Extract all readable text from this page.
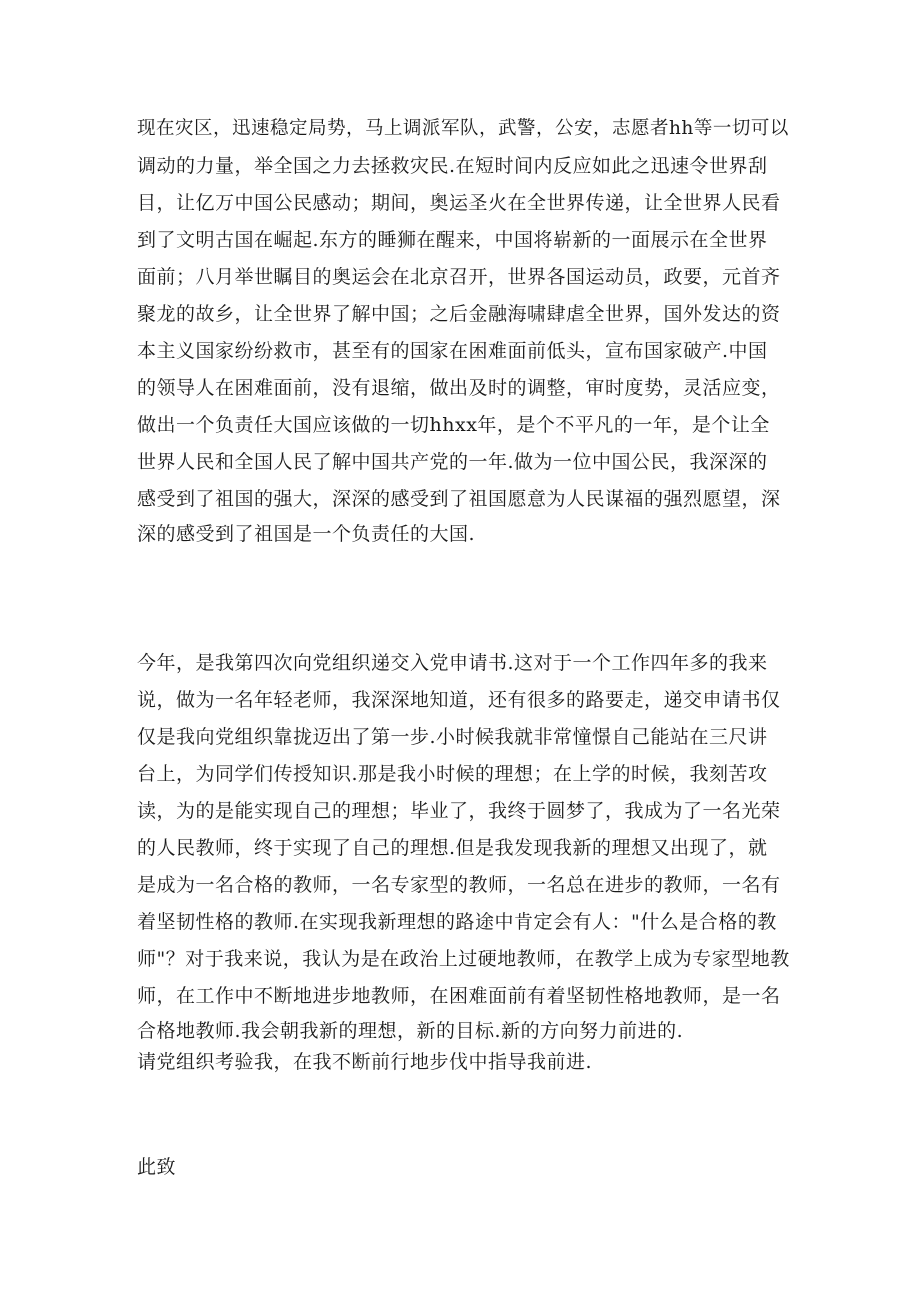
现在灾区，迅速稳定局势，马上调派军队，武警，公安，志愿者hh等一切可以
调动的力量，举全国之力去拯救灾民.在短时间内反应如此之迅速令世界刮
目，让亿万中国公民感动；期间，奥运圣火在全世界传递，让全世界人民看
到了文明古国在崛起.东方的睡狮在醒来，中国将崭新的一面展示在全世界
面前；八月举世瞩目的奥运会在北京召开，世界各国运动员，政要，元首齐
聚龙的故乡，让全世界了解中国；之后金融海啸肆虐全世界，国外发达的资
本主义国家纷纷救市，甚至有的国家在困难面前低头，宣布国家破产.中国
的领导人在困难面前，没有退缩，做出及时的调整，审时度势，灵活应变，
做出一个负责任大国应该做的一切hhxx年，是个不平凡的一年，是个让全
世界人民和全国人民了解中国共产党的一年.做为一位中国公民，我深深的
感受到了祖国的强大，深深的感受到了祖国愿意为人民谋福的强烈愿望，深
深的感受到了祖国是一个负责任的大国.
今年，是我第四次向党组织递交入党申请书.这对于一个工作四年多的我来
说，做为一名年轻老师，我深深地知道，还有很多的路要走，递交申请书仅
仅是我向党组织靠拢迈出了第一步.小时候我就非常憧憬自己能站在三尺讲
台上，为同学们传授知识.那是我小时候的理想；在上学的时候，我刻苦攻
读，为的是能实现自己的理想；毕业了，我终于圆梦了，我成为了一名光荣
的人民教师，终于实现了自己的理想.但是我发现我新的理想又出现了，就
是成为一名合格的教师，一名专家型的教师，一名总在进步的教师，一名有
着坚韧性格的教师.在实现我新理想的路途中肯定会有人："什么是合格的教
师"？对于我来说，我认为是在政治上过硬地教师，在教学上成为专家型地教
师，在工作中不断地进步地教师，在困难面前有着坚韧性格地教师，是一名
合格地教师.我会朝我新的理想，新的目标.新的方向努力前进的.
请党组织考验我，在我不断前行地步伐中指导我前进.
此致
